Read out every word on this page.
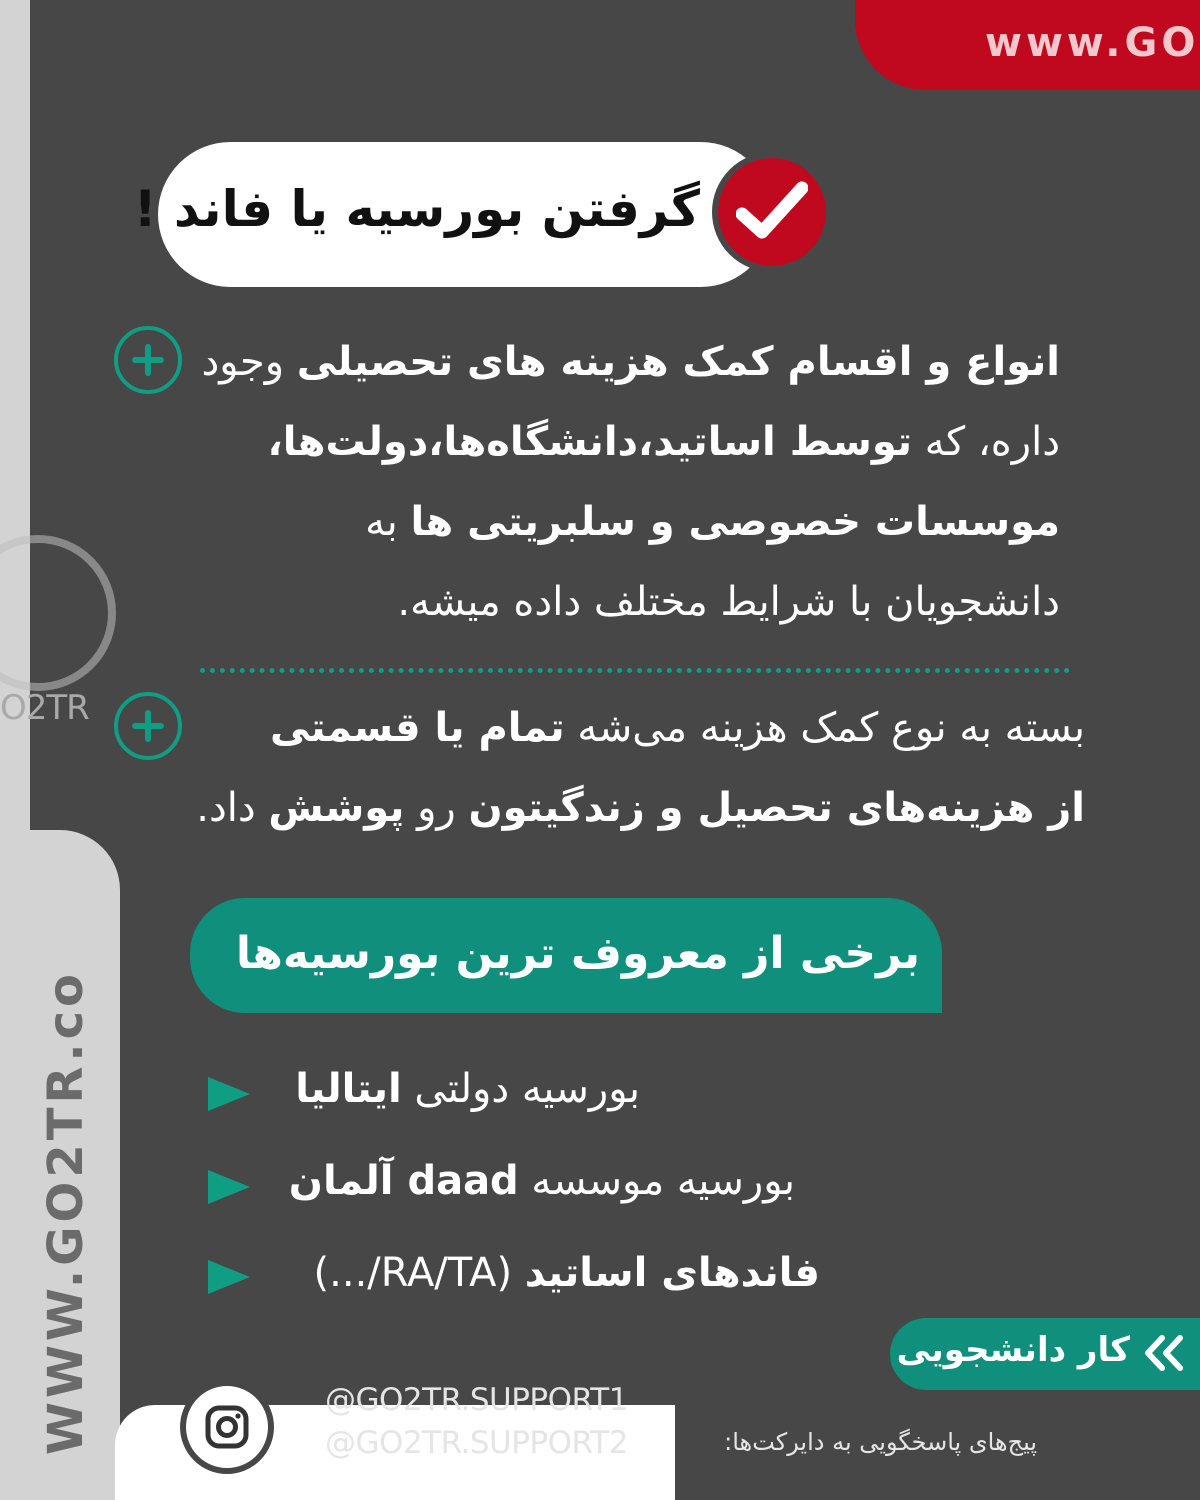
www.GO
O2TR
WWW.GO2TR.co
گرفتن بورسیه یا فاند !
انواع و اقسام کمک هزینه های تحصیلی وجود
داره، که توسط اساتید،دانشگاه‌ها،دولت‌ها،
موسسات خصوصی و سلبریتی ها به
دانشجویان با شرایط مختلف داده میشه.
بسته به نوع کمک هزینه می‌شه تمام یا قسمتی
از هزینه‌های تحصیل و زندگیتون رو پوشش داد.
برخی از معروف ترین بورسیه‌ها
بورسیه دولتی ایتالیا
بورسیه موسسه daad آلمان
فاندهای اساتید (RA/TA/...)
کار دانشجویی
@GO2TR.SUPPORT1
@GO2TR.SUPPORT2	پیج‌های پاسخگویی به دایرکت‌ها:
